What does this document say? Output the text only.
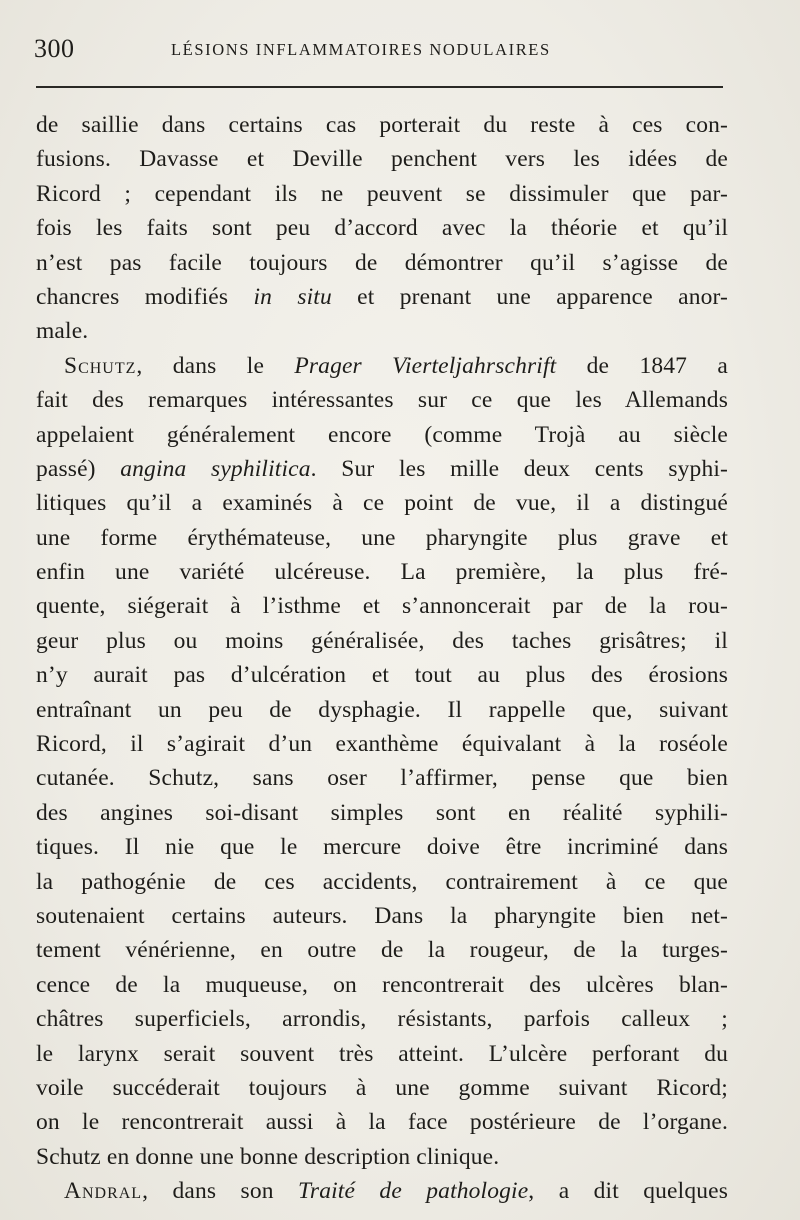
300	LÉSIONS INFLAMMATOIRES NODULAIRES
de saillie dans certains cas porterait du reste à ces con-
fusions. Davasse et Deville penchent vers les idées de
Ricord ; cependant ils ne peuvent se dissimuler que par-
fois les faits sont peu d’accord avec la théorie et qu’il
n’est pas facile toujours de démontrer qu’il s’agisse de
chancres modifiés in situ et prenant une apparence anor-
male.
Schutz, dans le Prager Vierteljahrschrift de 1847 a
fait des remarques intéressantes sur ce que les Allemands
appelaient généralement encore (comme Trojà au siècle
passé) angina syphilitica. Sur les mille deux cents syphi-
litiques qu’il a examinés à ce point de vue, il a distingué
une forme érythémateuse, une pharyngite plus grave et
enfin une variété ulcéreuse. La première, la plus fré-
quente, siégerait à l’isthme et s’annoncerait par de la rou-
geur plus ou moins généralisée, des taches grisâtres; il
n’y aurait pas d’ulcération et tout au plus des érosions
entraînant un peu de dysphagie. Il rappelle que, suivant
Ricord, il s’agirait d’un exanthème équivalant à la roséole
cutanée. Schutz, sans oser l’affirmer, pense que bien
des angines soi-disant simples sont en réalité syphili-
tiques. Il nie que le mercure doive être incriminé dans
la pathogénie de ces accidents, contrairement à ce que
soutenaient certains auteurs. Dans la pharyngite bien net-
tement vénérienne, en outre de la rougeur, de la turges-
cence de la muqueuse, on rencontrerait des ulcères blan-
châtres superficiels, arrondis, résistants, parfois calleux ;
le larynx serait souvent très atteint. L’ulcère perforant du
voile succéderait toujours à une gomme suivant Ricord;
on le rencontrerait aussi à la face postérieure de l’organe.
Schutz en donne une bonne description clinique.
Andral, dans son Traité de pathologie, a dit quelques
